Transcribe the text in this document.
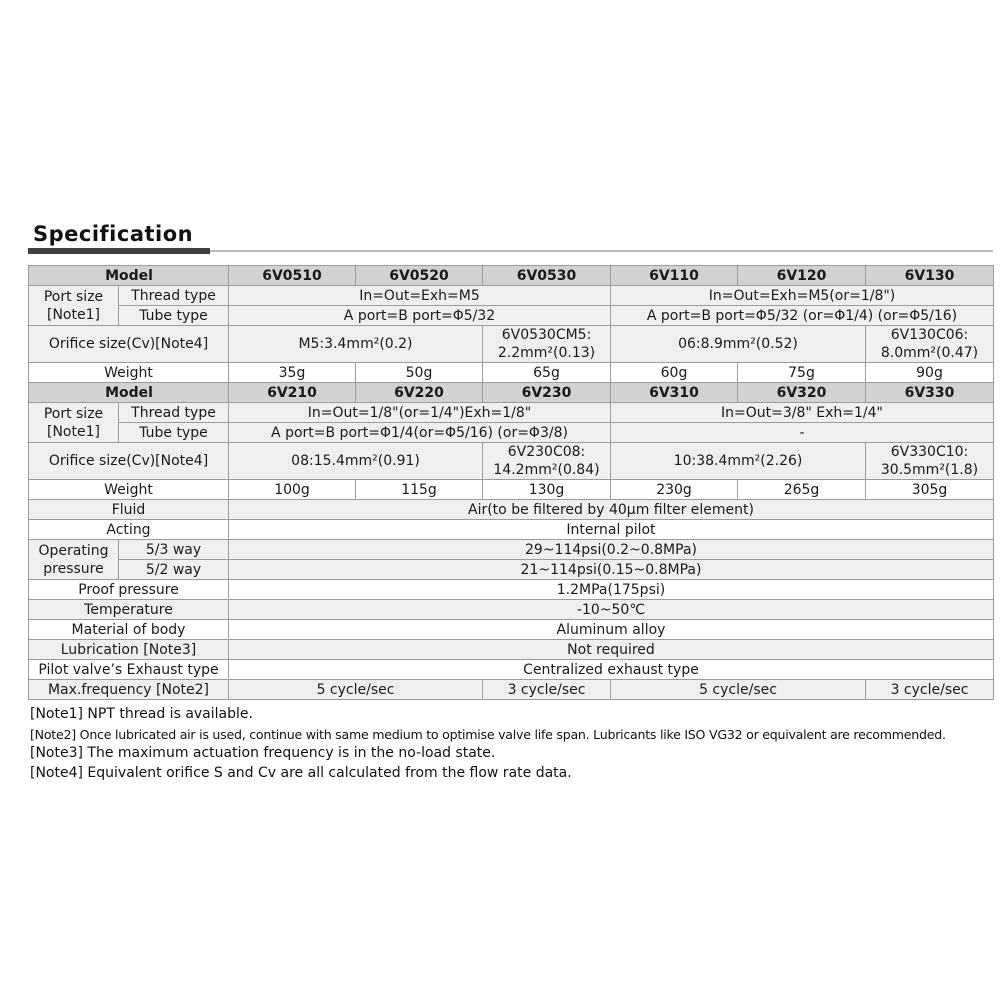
Specification
Model		6V0510	6V0520	6V0530	6V110	6V120	6V130
Port size [Note1]	Thread type	In=Out=Exh=M5			In=Out=Exh=M5(or=1/8")		
	Tube type	A port=B port=Φ5/32			A port=B port=Φ5/32 (or=Φ1/4) (or=Φ5/16)		
Orifice size(Cv)[Note4]		M5:3.4mm²(0.2)		6V0530CM5: 2.2mm²(0.13)	06:8.9mm²(0.52)		6V130C06: 8.0mm²(0.47)
Weight		35g	50g	65g	60g	75g	90g
Model		6V210	6V220	6V230	6V310	6V320	6V330
Port size [Note1]	Thread type	In=Out=1/8"(or=1/4")Exh=1/8"			In=Out=3/8" Exh=1/4"		
	Tube type	A port=B port=Φ1/4(or=Φ5/16) (or=Φ3/8)			-		
Orifice size(Cv)[Note4]		08:15.4mm²(0.91)		6V230C08: 14.2mm²(0.84)	10:38.4mm²(2.26)		6V330C10: 30.5mm²(1.8)
Weight		100g	115g	130g	230g	265g	305g
Fluid		Air(to be filtered by 40μm filter element)					
Acting		Internal pilot					
Operating pressure	5/3 way	29~114psi(0.2~0.8MPa)					
	5/2 way	21~114psi(0.15~0.8MPa)					
Proof pressure		1.2MPa(175psi)					
Temperature		-10~50℃					
Material of body		Aluminum alloy					
Lubrication [Note3]		Not required					
Pilot valve’s Exhaust type		Centralized exhaust type					
Max.frequency [Note2]		5 cycle/sec		3 cycle/sec	5 cycle/sec		3 cycle/sec
[Note1] NPT thread is available.
[Note2] Once lubricated air is used, continue with same medium to optimise valve life span. Lubricants like ISO VG32 or equivalent are recommended.
[Note3] The maximum actuation frequency is in the no-load state.
[Note4] Equivalent orifice S and Cv are all calculated from the flow rate data.
